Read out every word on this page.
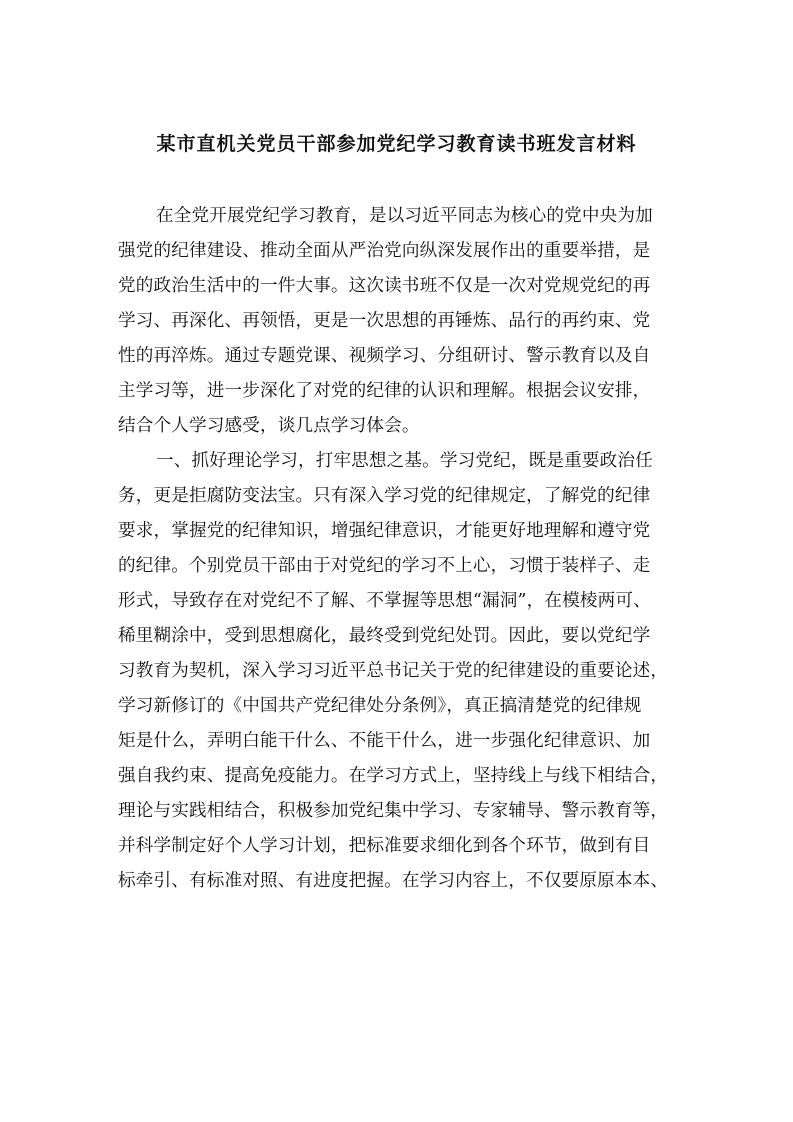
某市直机关党员干部参加党纪学习教育读书班发言材料
在全党开展党纪学习教育，是以习近平同志为核心的党中央为加
强党的纪律建设、推动全面从严治党向纵深发展作出的重要举措，是
党的政治生活中的一件大事。这次读书班不仅是一次对党规党纪的再
学习、再深化、再领悟，更是一次思想的再锤炼、品行的再约束、党
性的再淬炼。通过专题党课、视频学习、分组研讨、警示教育以及自
主学习等，进一步深化了对党的纪律的认识和理解。根据会议安排，
结合个人学习感受，谈几点学习体会。
一、抓好理论学习，打牢思想之基。学习党纪，既是重要政治任
务，更是拒腐防变法宝。只有深入学习党的纪律规定，了解党的纪律
要求，掌握党的纪律知识，增强纪律意识，才能更好地理解和遵守党
的纪律。个别党员干部由于对党纪的学习不上心，习惯于装样子、走
形式，导致存在对党纪不了解、不掌握等思想“漏洞”，在模棱两可、
稀里糊涂中，受到思想腐化，最终受到党纪处罚。因此，要以党纪学
习教育为契机，深入学习习近平总书记关于党的纪律建设的重要论述，
学习新修订的《中国共产党纪律处分条例》，真正搞清楚党的纪律规
矩是什么，弄明白能干什么、不能干什么，进一步强化纪律意识、加
强自我约束、提高免疫能力。在学习方式上，坚持线上与线下相结合，
理论与实践相结合，积极参加党纪集中学习、专家辅导、警示教育等，
并科学制定好个人学习计划，把标准要求细化到各个环节，做到有目
标牵引、有标准对照、有进度把握。在学习内容上，不仅要原原本本、
